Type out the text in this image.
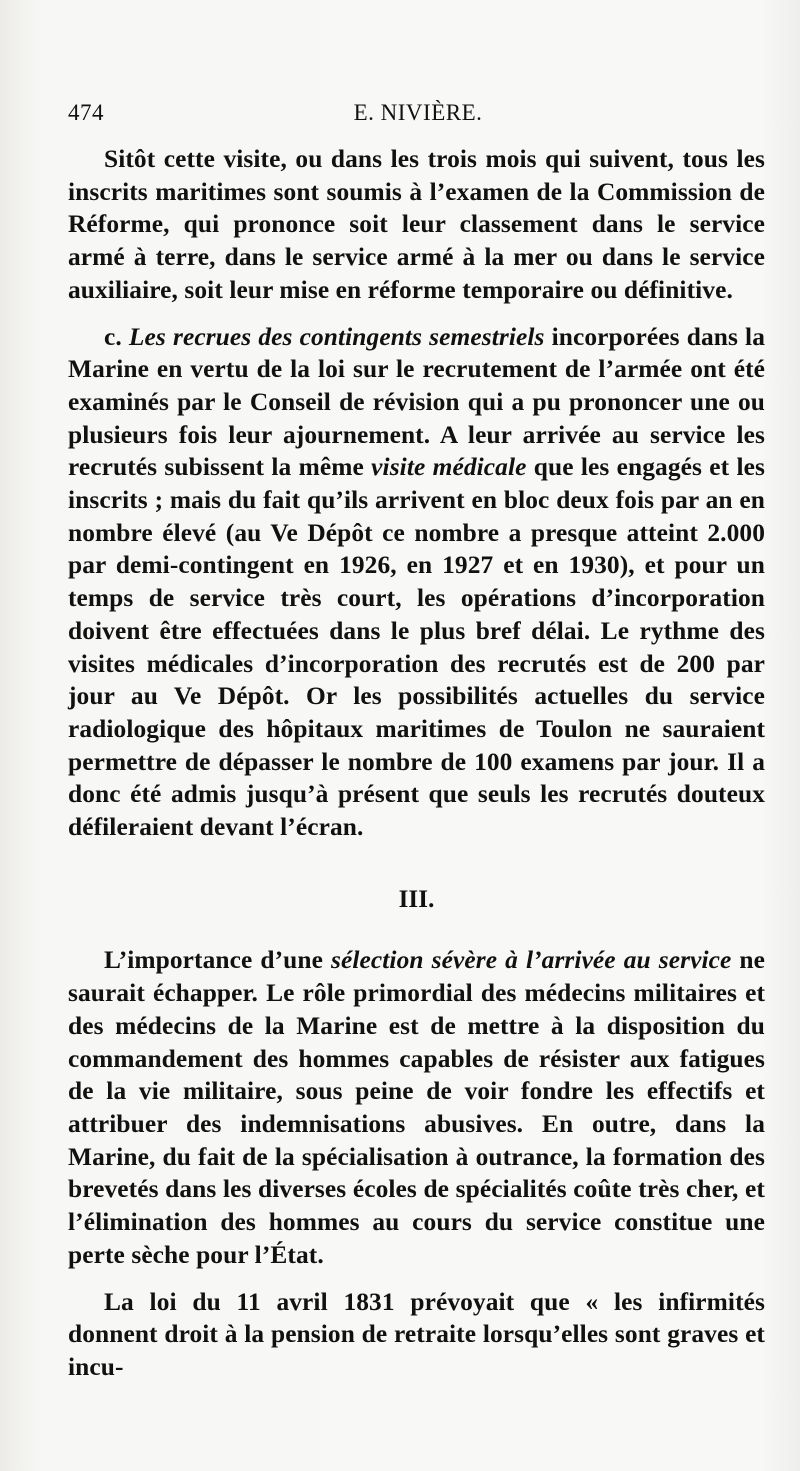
474	E. NIVIÈRE.

Sitôt cette visite, ou dans les trois mois qui suivent, tous les inscrits maritimes sont soumis à l’examen de la Commission de Réforme, qui prononce soit leur classement dans le service armé à terre, dans le service armé à la mer ou dans le service auxiliaire, soit leur mise en réforme temporaire ou définitive.

c. Les recrues des contingents semestriels incorporées dans la Marine en vertu de la loi sur le recrutement de l’armée ont été examinés par le Conseil de révision qui a pu prononcer une ou plusieurs fois leur ajournement. A leur arrivée au service les recrutés subissent la même visite médicale que les engagés et les inscrits ; mais du fait qu’ils arrivent en bloc deux fois par an en nombre élevé (au Ve Dépôt ce nombre a presque atteint 2.000 par demi-contingent en 1926, en 1927 et en 1930), et pour un temps de service très court, les opérations d’incorporation doivent être effectuées dans le plus bref délai. Le rythme des visites médicales d’incorporation des recrutés est de 200 par jour au Ve Dépôt. Or les possibilités actuelles du service radiologique des hôpitaux maritimes de Toulon ne sauraient permettre de dépasser le nombre de 100 examens par jour. Il a donc été admis jusqu’à présent que seuls les recrutés douteux défileraient devant l’écran.

III.

L’importance d’une sélection sévère à l’arrivée au service ne saurait échapper. Le rôle primordial des médecins militaires et des médecins de la Marine est de mettre à la disposition du commandement des hommes capables de résister aux fatigues de la vie militaire, sous peine de voir fondre les effectifs et attribuer des indemnisations abusives. En outre, dans la Marine, du fait de la spécialisation à outrance, la formation des brevetés dans les diverses écoles de spécialités coûte très cher, et l’élimination des hommes au cours du service constitue une perte sèche pour l’État.

La loi du 11 avril 1831 prévoyait que « les infirmités donnent droit à la pension de retraite lorsqu’elles sont graves et incu-
